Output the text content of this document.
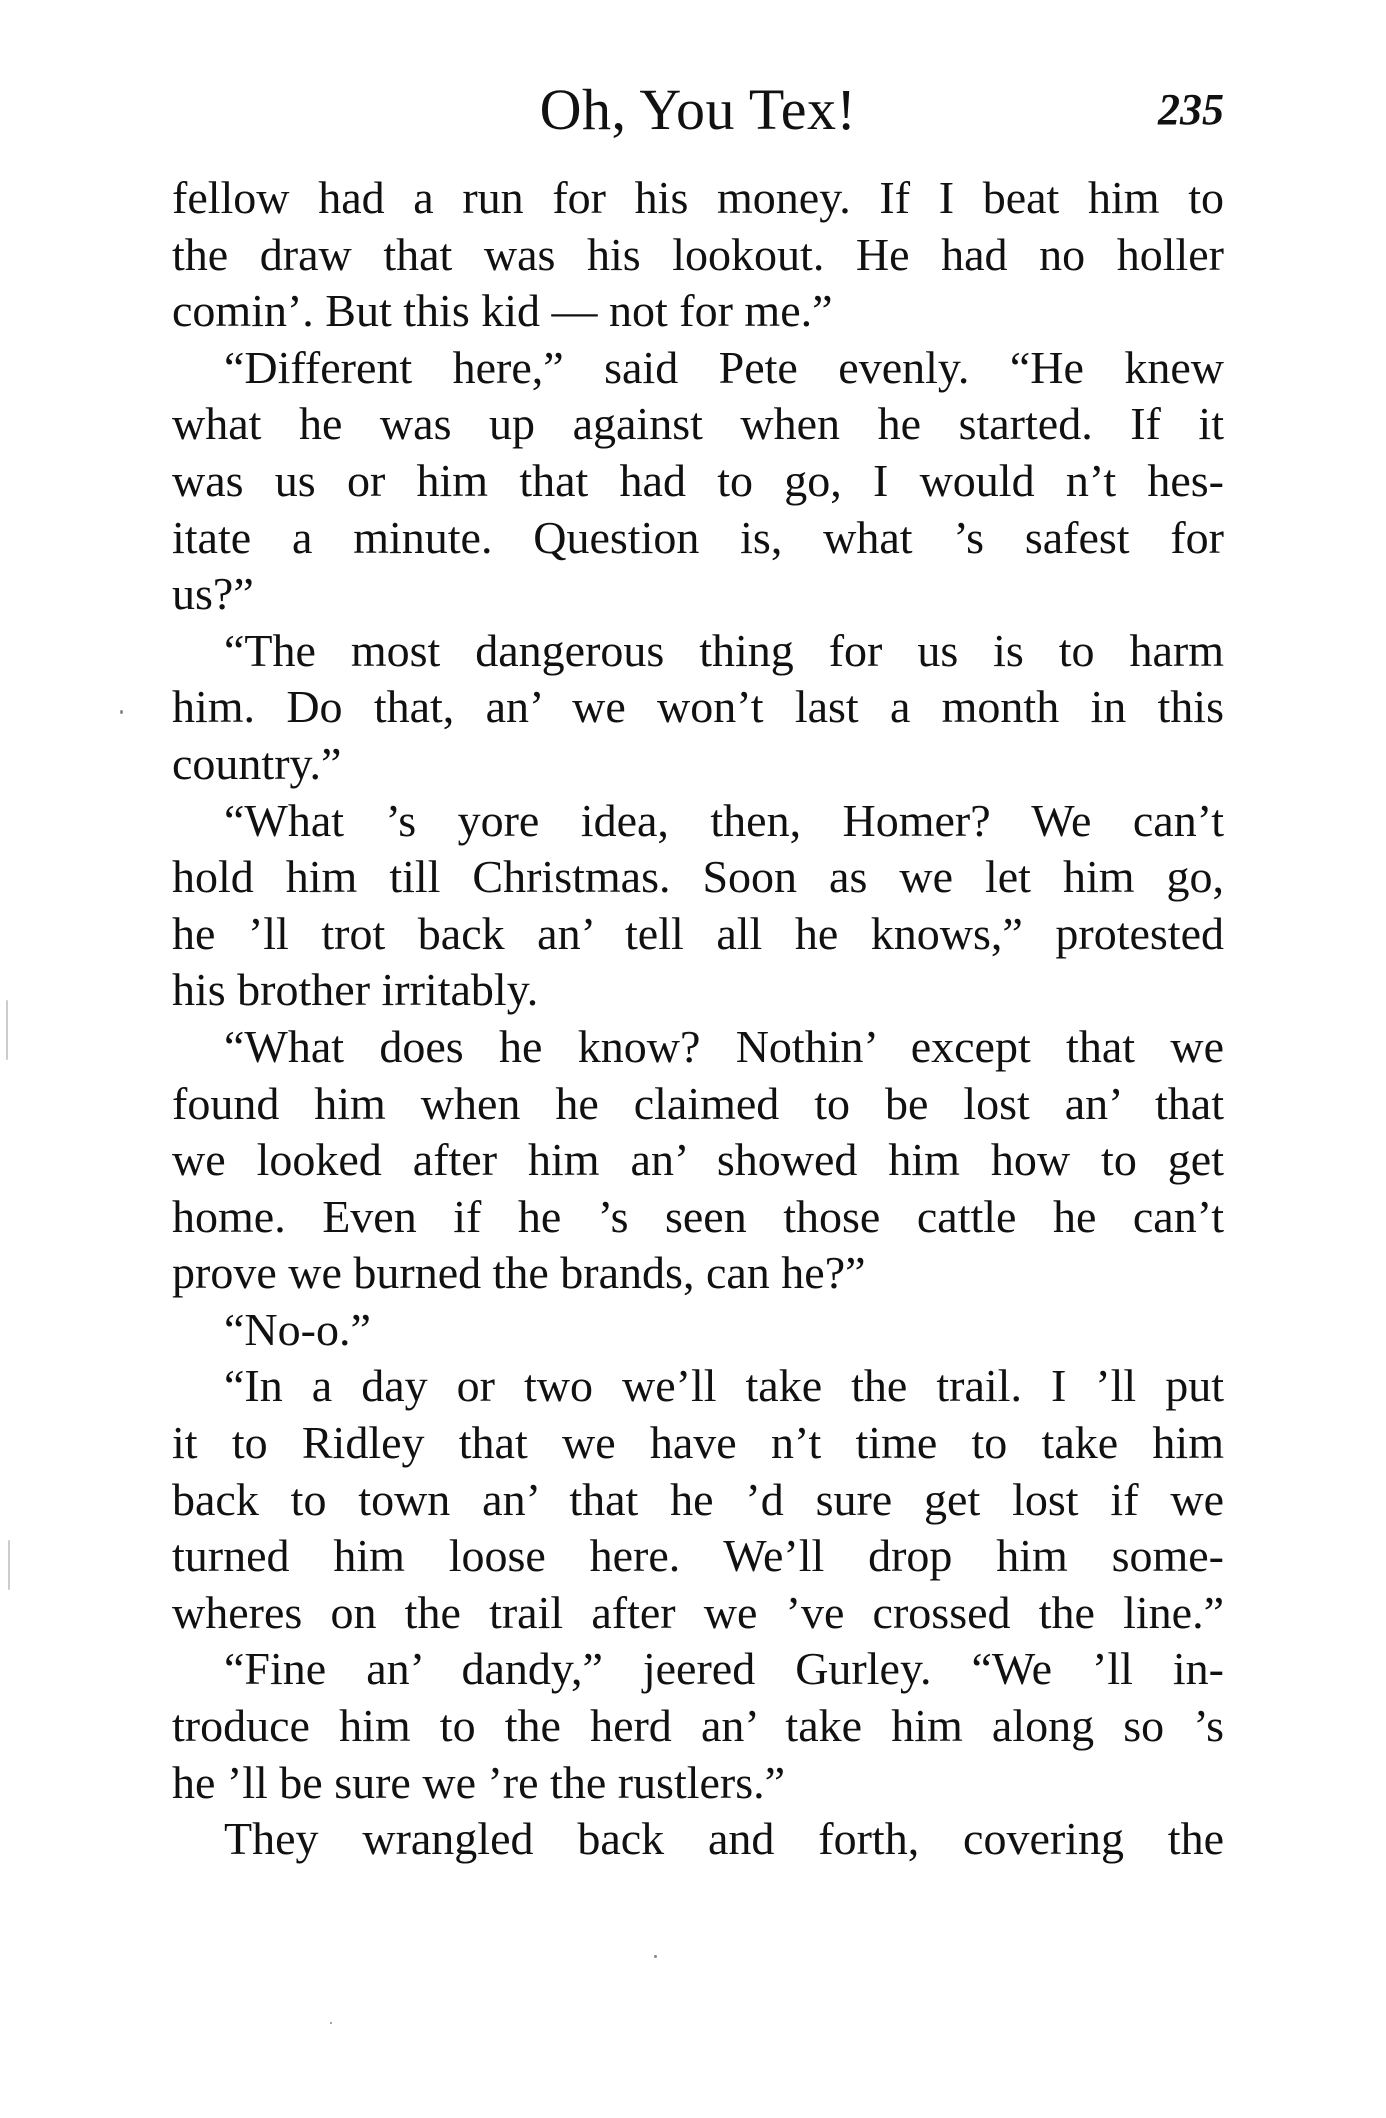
Oh, You Tex!	235
fellow had a run for his money. If I beat him to
the draw that was his lookout. He had no holler
comin’. But this kid — not for me.”
“Different here,” said Pete evenly. “He knew
what he was up against when he started. If it
was us or him that had to go, I would n’t hes-
itate a minute. Question is, what ’s safest for
us?”
“The most dangerous thing for us is to harm
him. Do that, an’ we won’t last a month in this
country.”
“What ’s yore idea, then, Homer? We can’t
hold him till Christmas. Soon as we let him go,
he ’ll trot back an’ tell all he knows,” protested
his brother irritably.
“What does he know? Nothin’ except that we
found him when he claimed to be lost an’ that
we looked after him an’ showed him how to get
home. Even if he ’s seen those cattle he can’t
prove we burned the brands, can he?”
“No-o.”
“In a day or two we’ll take the trail. I ’ll put
it to Ridley that we have n’t time to take him
back to town an’ that he ’d sure get lost if we
turned him loose here. We’ll drop him some-
wheres on the trail after we ’ve crossed the line.”
“Fine an’ dandy,” jeered Gurley. “We ’ll in-
troduce him to the herd an’ take him along so ’s
he ’ll be sure we ’re the rustlers.”
They wrangled back and forth, covering the
